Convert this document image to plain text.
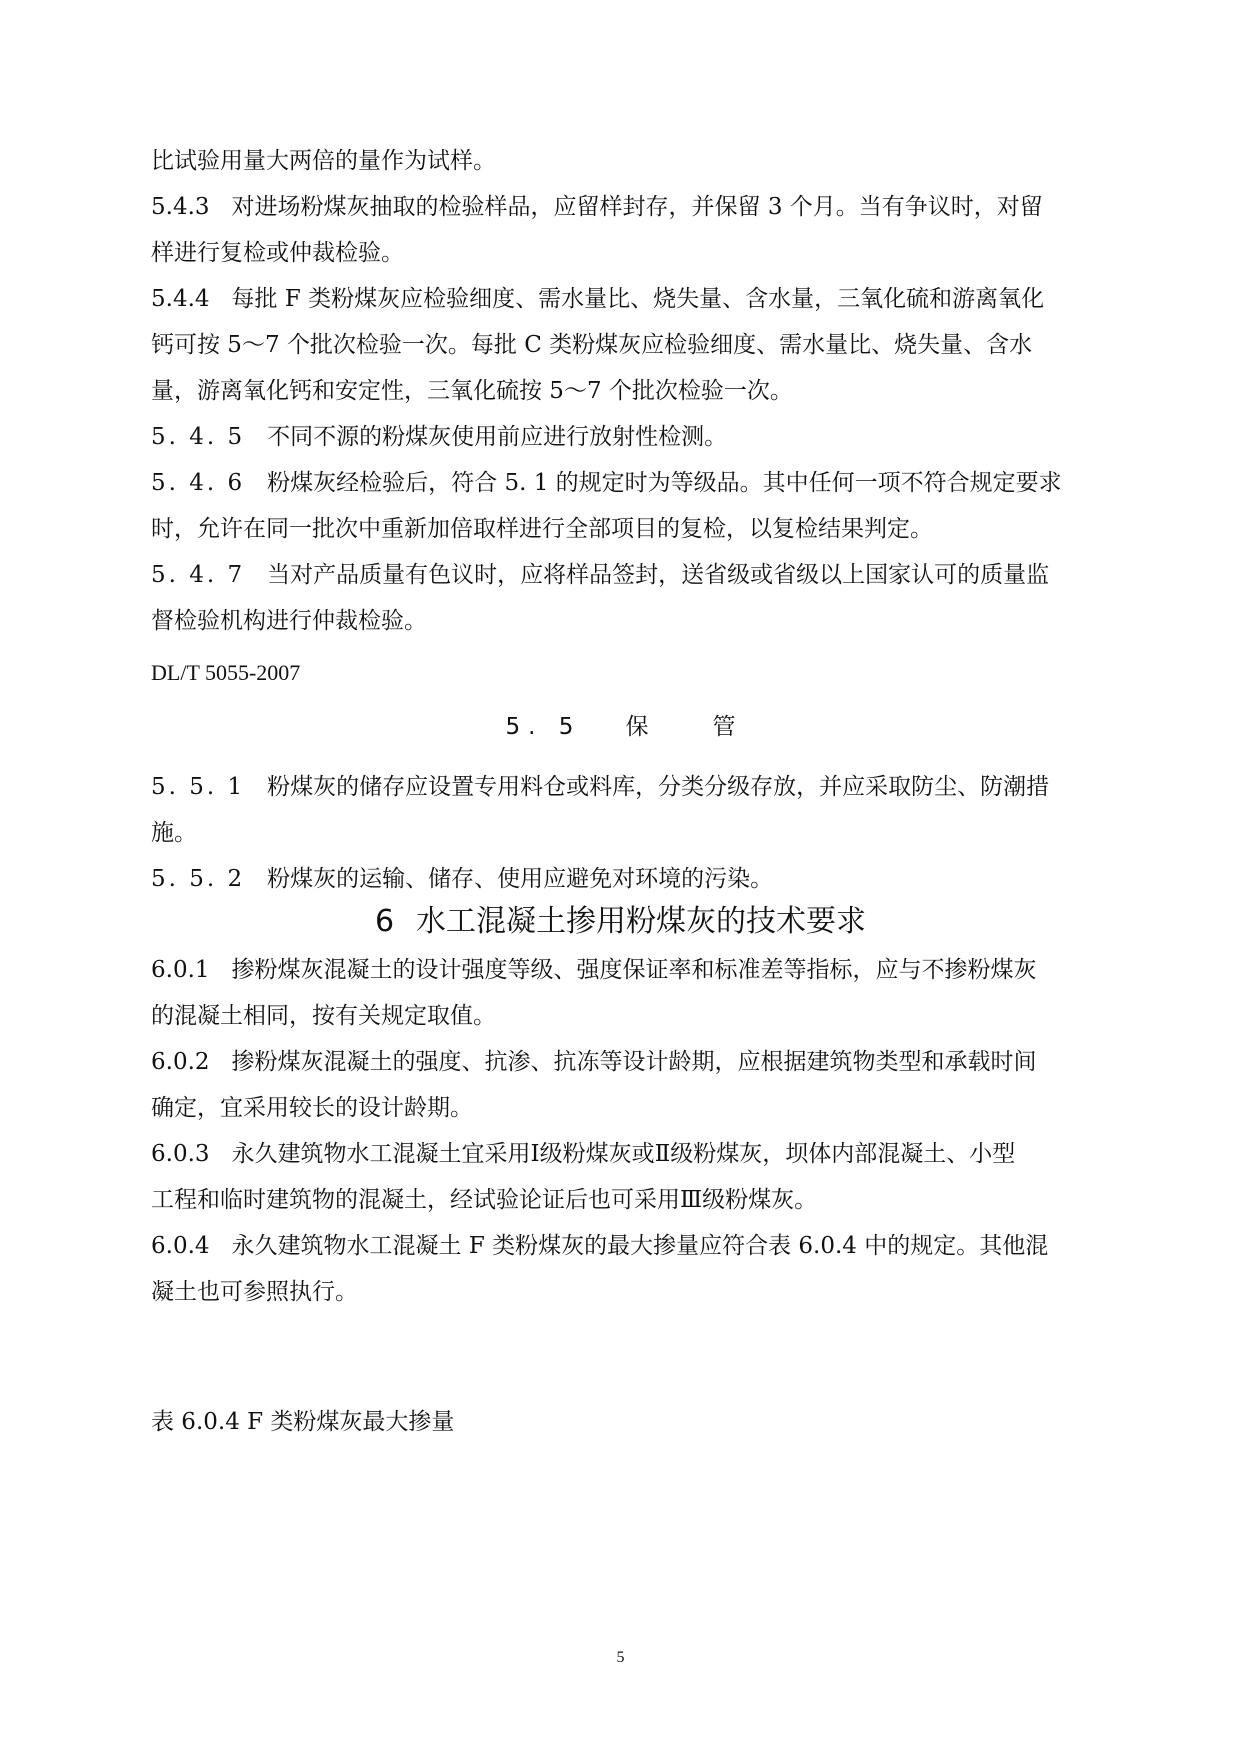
比试验用量大两倍的量作为试样。
5.4.3 对进场粉煤灰抽取的检验样品，应留样封存，并保留 3 个月。当有争议时，对留
样进行复检或仲裁检验。
5.4.4 每批 F 类粉煤灰应检验细度、需水量比、烧失量、含水量，三氧化硫和游离氧化
钙可按 5～7 个批次检验一次。每批 C 类粉煤灰应检验细度、需水量比、烧失量、含水
量，游离氧化钙和安定性，三氧化硫按 5～7 个批次检验一次。
5. 4. 5 不同不源的粉煤灰使用前应进行放射性检测。
5. 4. 6 粉煤灰经检验后，符合 5. 1 的规定时为等级品。其中任何一项不符合规定要求
时，允许在同一批次中重新加倍取样进行全部项目的复检，以复检结果判定。
5. 4. 7 当对产品质量有色议时，应将样品签封，送省级或省级以上国家认可的质量监
督检验机构进行仲裁检验。
DL/T 5055-2007
5. 5 保	管
5. 5. 1 粉煤灰的储存应设置专用料仓或料库，分类分级存放，并应采取防尘、防潮措
施。
5. 5. 2 粉煤灰的运输、储存、使用应避免对环境的污染。
6 水工混凝土掺用粉煤灰的技术要求
6.0.1 掺粉煤灰混凝土的设计强度等级、强度保证率和标准差等指标，应与不掺粉煤灰
的混凝土相同，按有关规定取值。
6.0.2 掺粉煤灰混凝土的强度、抗渗、抗冻等设计龄期，应根据建筑物类型和承载时间
确定，宜采用较长的设计龄期。
6.0.3 永久建筑物水工混凝土宜采用Ⅰ级粉煤灰或Ⅱ级粉煤灰，坝体内部混凝土、小型
工程和临时建筑物的混凝土，经试验论证后也可采用Ⅲ级粉煤灰。
6.0.4 永久建筑物水工混凝土 F 类粉煤灰的最大掺量应符合表 6.0.4 中的规定。其他混
凝土也可参照执行。
表 6.0.4 F 类粉煤灰最大掺量
5
